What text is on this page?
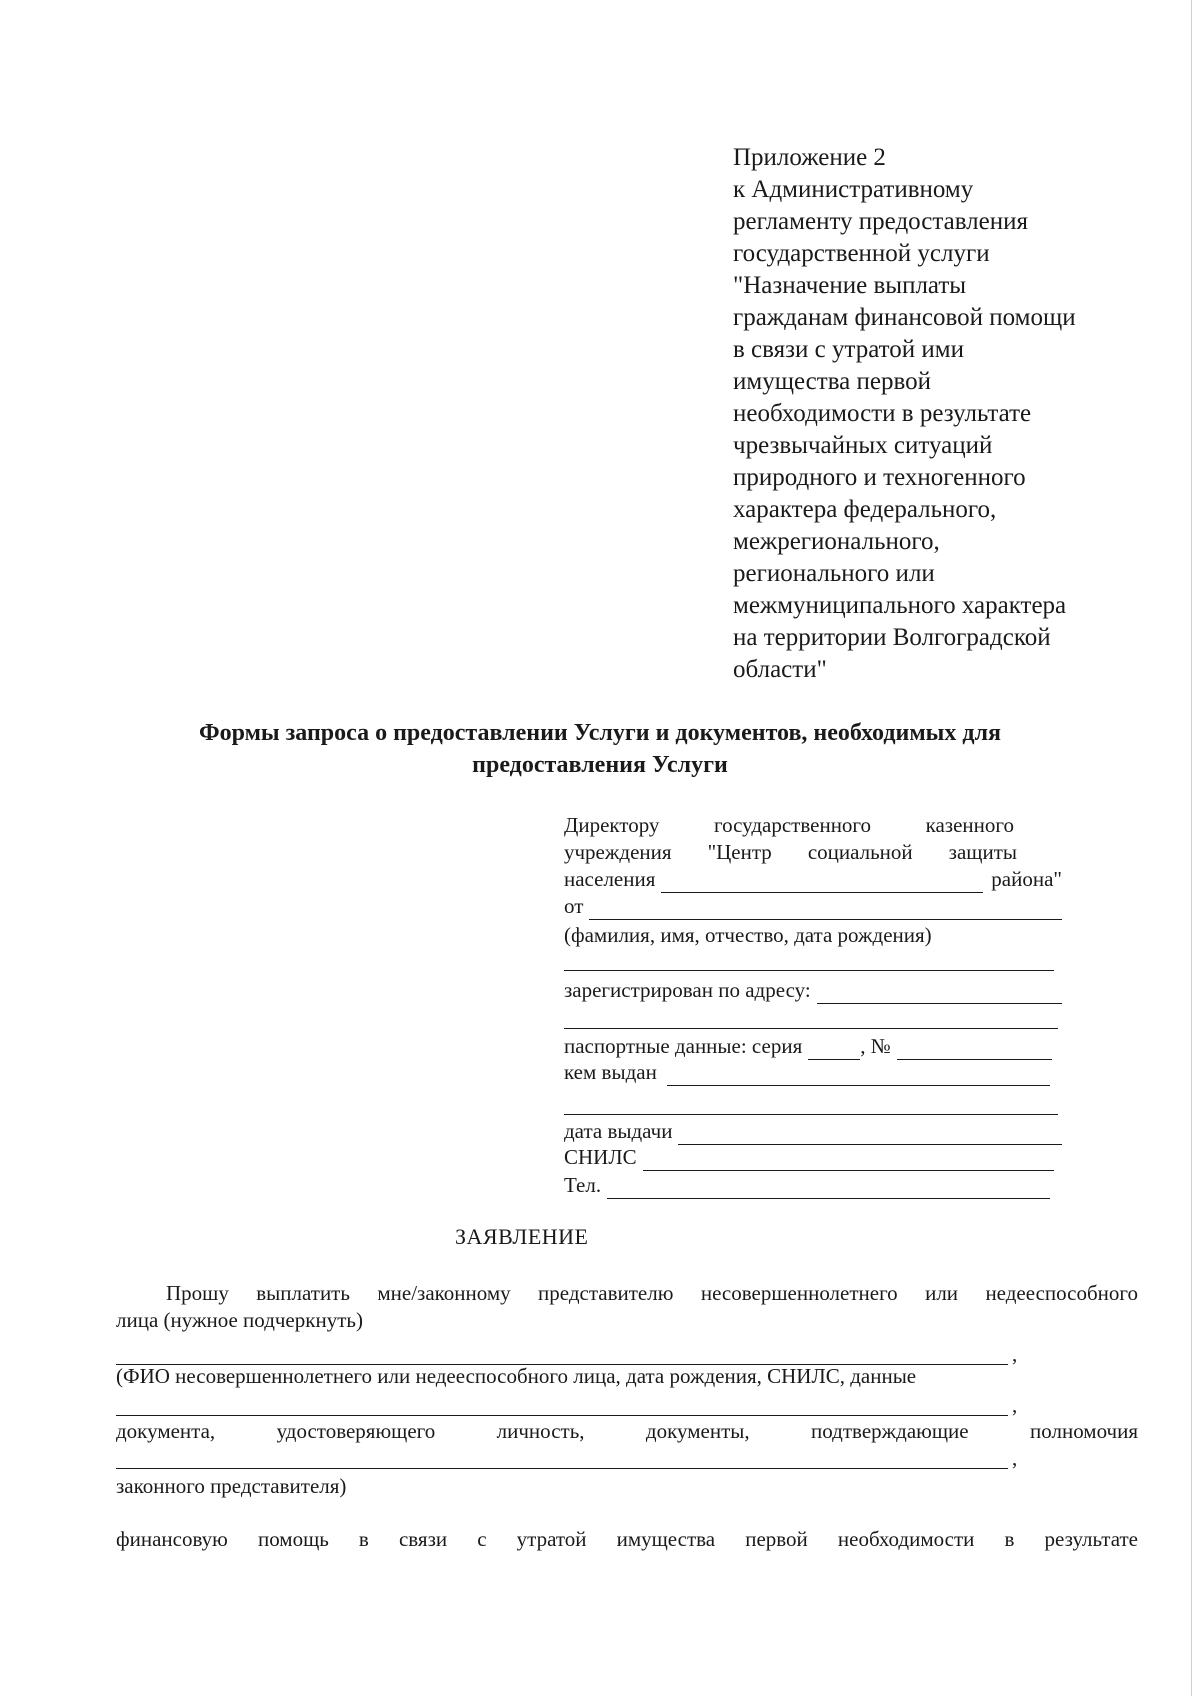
Приложение 2
к Административному
регламенту предоставления
государственной услуги
"Назначение выплаты
гражданам финансовой помощи
в связи с утратой ими
имущества первой
необходимости в результате
чрезвычайных ситуаций
природного и техногенного
характера федерального,
межрегионального,
регионального или
межмуниципального характера
на территории Волгоградской
области"
Формы запроса о предоставлении Услуги и документов, необходимых для
предоставления Услуги
Директору	государственного	казенного
учреждения "Центр социальной защиты
населения	района"
от
(фамилия, имя, отчество, дата рождения)
зарегистрирован по адресу:
паспортные данные: серия	, №
кем выдан
дата выдачи
СНИЛС
Тел.
ЗАЯВЛЕНИЕ
Прошу выплатить мне/законному представителю несовершеннолетнего или недееспособного
лица (нужное подчеркнуть)
,
(ФИО несовершеннолетнего или недееспособного лица, дата рождения, СНИЛС, данные
,
документа, удостоверяющего личность, документы, подтверждающие полномочия
,
законного представителя)
финансовую помощь в связи с утратой имущества первой необходимости в результате
